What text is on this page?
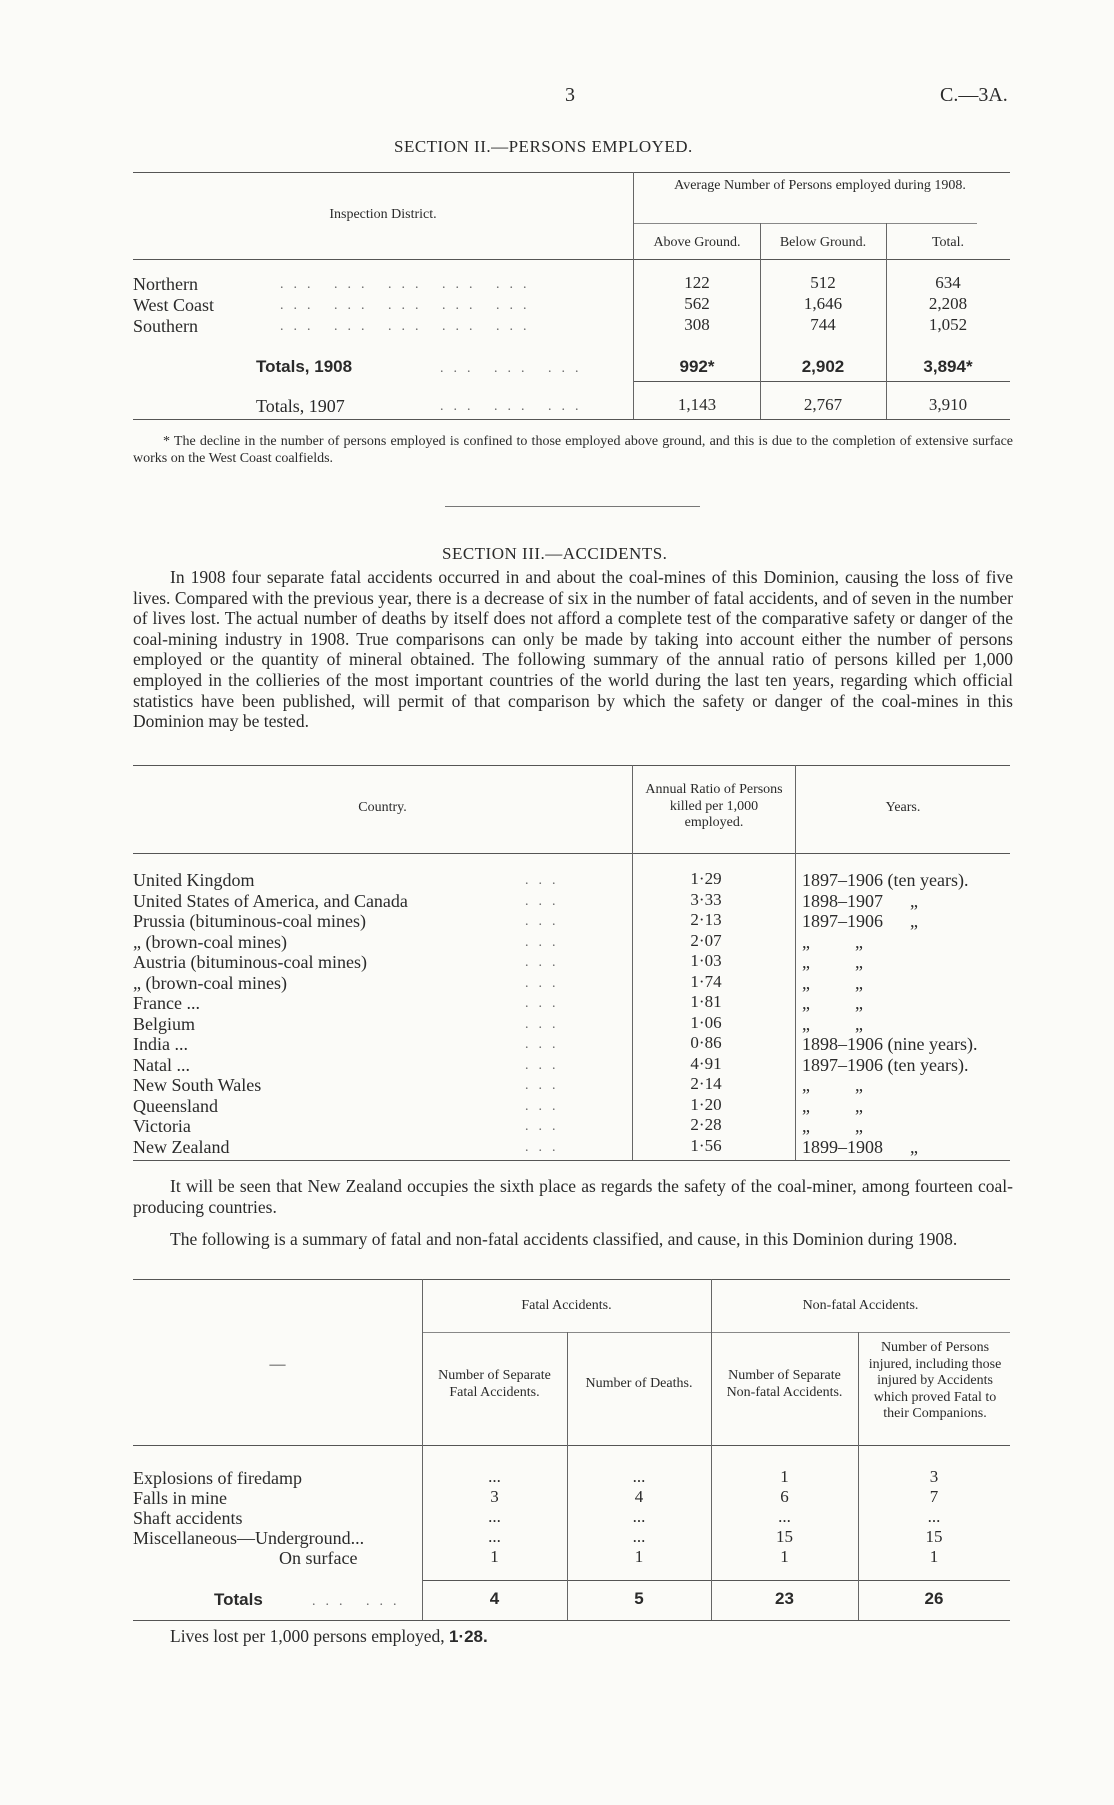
3	C.—3A.
SECTION II.—PERSONS EMPLOYED.
Inspection District.
Average Number of Persons employed during 1908.
Above Ground.	Below Ground.	Total.
Northern	... ... ... ... ...	122	512	634
West Coast	... ... ... ... ...	562	1,646	2,208
Southern	... ... ... ... ...	308	744	1,052
Totals, 1908	... ... ...	992*	2,902	3,894*
Totals, 1907	... ... ...	1,143	2,767	3,910
* The decline in the number of persons employed is confined to those employed above ground, and this is due to the completion of extensive surface works on the West Coast coalfields.
SECTION III.—ACCIDENTS.
In 1908 four separate fatal accidents occurred in and about the coal-mines of this Dominion, causing the loss of five lives. Compared with the previous year, there is a decrease of six in the number of fatal accidents, and of seven in the number of lives lost. The actual number of deaths by itself does not afford a complete test of the comparative safety or danger of the coal-mining industry in 1908. True comparisons can only be made by taking into account either the number of persons employed or the quantity of mineral obtained. The following summary of the annual ratio of persons killed per 1,000 employed in the collieries of the most important countries of the world during the last ten years, regarding which official statistics have been published, will permit of that comparison by which the safety or danger of the coal-mines in this Dominion may be tested.
Country.
Annual Ratio of Persons killed per 1,000 employed.
Years.
United Kingdom	...	1·29	1897–1906 (ten years).
United States of America, and Canada	...	3·33	1898–1907      „
Prussia (bituminous-coal mines)	...	2·13	1897–1906      „
„ (brown-coal mines)	...	2·07	„          „
Austria (bituminous-coal mines)	...	1·03	„          „
„ (brown-coal mines)	...	1·74	„          „
France ...	...	1·81	„          „
Belgium	...	1·06	„          „
India ...	...	0·86	1898–1906 (nine years).
Natal ...	...	4·91	1897–1906 (ten years).
New South Wales	...	2·14	„          „
Queensland	...	1·20	„          „
Victoria	...	2·28	„          „
New Zealand	...	1·56	1899–1908      „
It will be seen that New Zealand occupies the sixth place as regards the safety of the coal-miner, among fourteen coal-producing countries.
The following is a summary of fatal and non-fatal accidents classified, and cause, in this Dominion during 1908.
—
Fatal Accidents.	Non-fatal Accidents.
Number of Separate Fatal Accidents.
Number of Deaths.
Number of Separate Non-fatal Accidents.
Number of Persons injured, including those injured by Accidents which proved Fatal to their Companions.
Explosions of firedamp	...	...	1	3
Falls in mine	3	4	6	7
Shaft accidents	...	...	...	...
Miscellaneous—Underground...	...	...	15	15
On surface	1	1	1	1
Totals	... ...	4	5	23	26
Lives lost per 1,000 persons employed, 1·28.
